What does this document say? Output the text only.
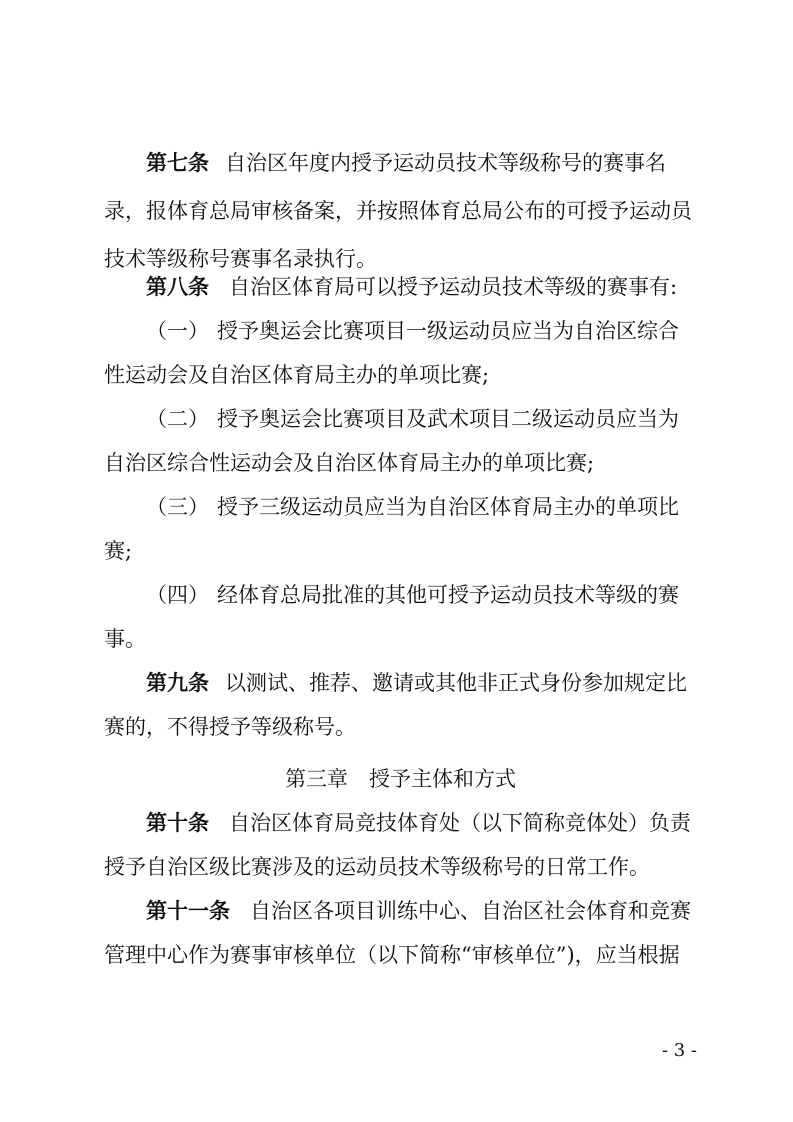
第七条 自治区年度内授予运动员技术等级称号的赛事名
录，报体育总局审核备案，并按照体育总局公布的可授予运动员
技术等级称号赛事名录执行。
第八条 自治区体育局可以授予运动员技术等级的赛事有:
（一） 授予奥运会比赛项目一级运动员应当为自治区综合
性运动会及自治区体育局主办的单项比赛;
（二） 授予奥运会比赛项目及武术项目二级运动员应当为
自治区综合性运动会及自治区体育局主办的单项比赛;
（三） 授予三级运动员应当为自治区体育局主办的单项比
赛;
（四） 经体育总局批准的其他可授予运动员技术等级的赛
事。
第九条 以测试、推荐、邀请或其他非正式身份参加规定比
赛的，不得授予等级称号。
第三章　授予主体和方式
第十条 自治区体育局竞技体育处（以下简称竞体处）负责
授予自治区级比赛涉及的运动员技术等级称号的日常工作。
第十一条 自治区各项目训练中心、自治区社会体育和竞赛
管理中心作为赛事审核单位（以下简称“审核单位”)，应当根据
- 3 -
